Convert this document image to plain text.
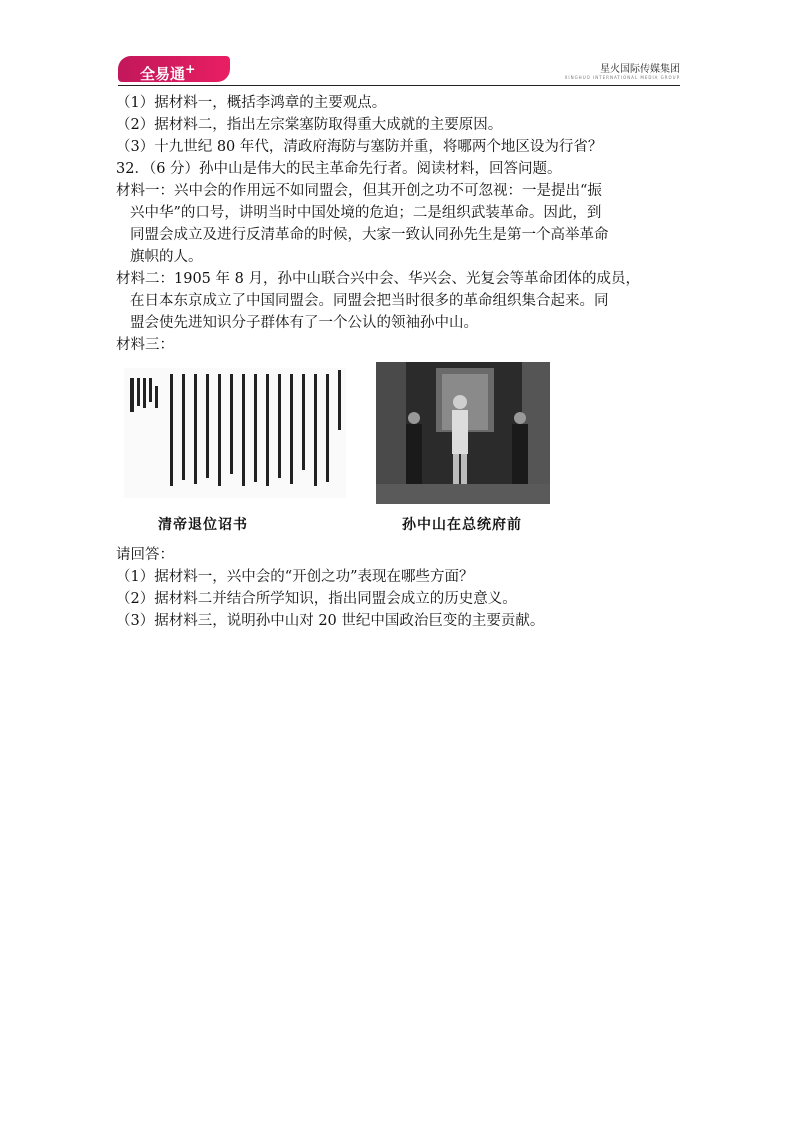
全易通+	星火国际传媒集团
XINGHUO INTERNATIONAL MEDIA GROUP

（1）据材料一，概括李鸿章的主要观点。

（2）据材料二，指出左宗棠塞防取得重大成就的主要原因。

（3）十九世纪 80 年代，清政府海防与塞防并重，将哪两个地区设为行省？

32．（6 分）孙中山是伟大的民主革命先行者。阅读材料，回答问题。

材料一：兴中会的作用远不如同盟会，但其开创之功不可忽视：一是提出“振

兴中华”的口号，讲明当时中国处境的危迫；二是组织武装革命。因此，到

同盟会成立及进行反清革命的时候，大家一致认同孙先生是第一个高举革命

旗帜的人。

材料二：1905 年 8 月，孙中山联合兴中会、华兴会、光复会等革命团体的成员，

在日本东京成立了中国同盟会。同盟会把当时很多的革命组织集合起来。同

盟会使先进知识分子群体有了一个公认的领袖孙中山。

材料三：

清帝退位诏书	孙中山在总统府前

请回答：

（1）据材料一，兴中会的“开创之功”表现在哪些方面？

（2）据材料二并结合所学知识，指出同盟会成立的历史意义。

（3）据材料三，说明孙中山对 20 世纪中国政治巨变的主要贡献。
